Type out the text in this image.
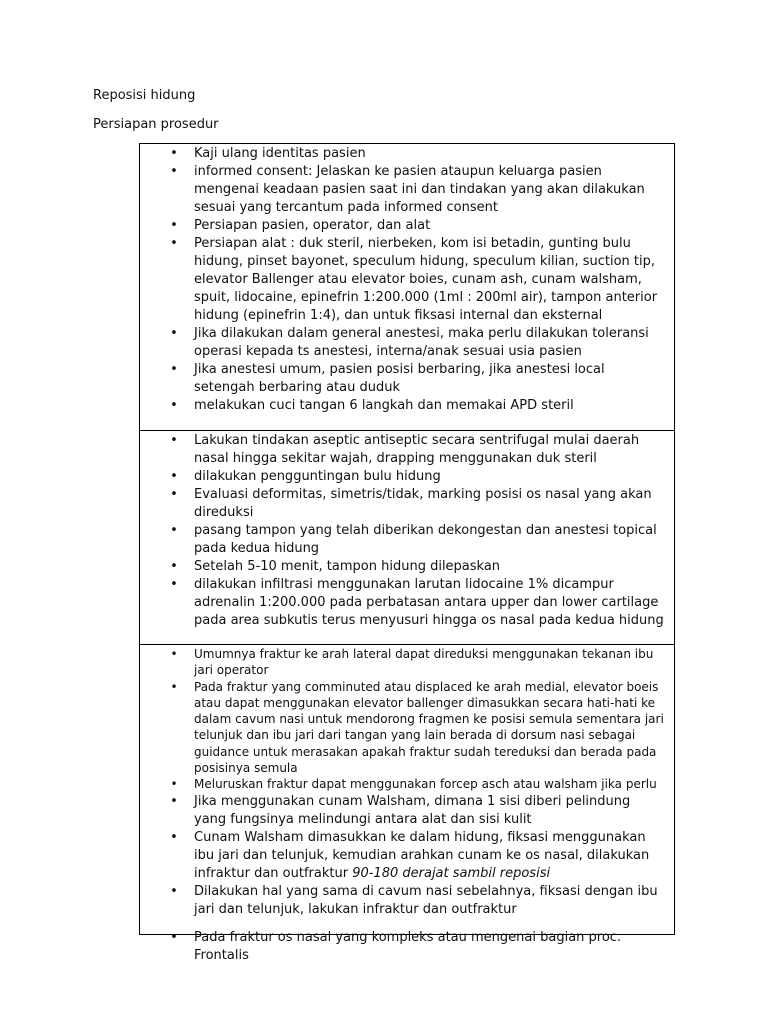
Reposisi hidung
Persiapan prosedur
• Kaji ulang identitas pasien
• informed consent: Jelaskan ke pasien ataupun keluarga pasien mengenai keadaan pasien saat ini dan tindakan yang akan dilakukan sesuai yang tercantum pada informed consent
• Persiapan pasien, operator, dan alat
• Persiapan alat : duk steril, nierbeken, kom isi betadin, gunting bulu hidung, pinset bayonet, speculum hidung, speculum kilian, suction tip, elevator Ballenger atau elevator boies, cunam ash, cunam walsham, spuit, lidocaine, epinefrin 1:200.000 (1ml : 200ml air), tampon anterior hidung (epinefrin 1:4), dan untuk fiksasi internal dan eksternal
• Jika dilakukan dalam general anestesi, maka perlu dilakukan toleransi operasi kepada ts anestesi, interna/anak sesuai usia pasien
• Jika anestesi umum, pasien posisi berbaring, jika anestesi local setengah berbaring atau duduk
• melakukan cuci tangan 6 langkah dan memakai APD steril
• Lakukan tindakan aseptic antiseptic secara sentrifugal mulai daerah nasal hingga sekitar wajah, drapping menggunakan duk steril
• dilakukan pengguntingan bulu hidung
• Evaluasi deformitas, simetris/tidak, marking posisi os nasal yang akan direduksi
• pasang tampon yang telah diberikan dekongestan dan anestesi topical pada kedua hidung
• Setelah 5-10 menit, tampon hidung dilepaskan
• dilakukan infiltrasi menggunakan larutan lidocaine 1% dicampur adrenalin 1:200.000 pada perbatasan antara upper dan lower cartilage pada area subkutis terus menyusuri hingga os nasal pada kedua hidung
• Umumnya fraktur ke arah lateral dapat direduksi menggunakan tekanan ibu jari operator
• Pada fraktur yang comminuted atau displaced ke arah medial, elevator boeis atau dapat menggunakan elevator ballenger dimasukkan secara hati-hati ke dalam cavum nasi untuk mendorong fragmen ke posisi semula sementara jari telunjuk dan ibu jari dari tangan yang lain berada di dorsum nasi sebagai guidance untuk merasakan apakah fraktur sudah tereduksi dan berada pada posisinya semula
• Meluruskan fraktur dapat menggunakan forcep asch atau walsham jika perlu
• Jika menggunakan cunam Walsham, dimana 1 sisi diberi pelindung yang fungsinya melindungi antara alat dan sisi kulit
• Cunam Walsham dimasukkan ke dalam hidung, fiksasi menggunakan ibu jari dan telunjuk, kemudian arahkan cunam ke os nasal, dilakukan infraktur dan outfraktur 90-180 derajat sambil reposisi
• Dilakukan hal yang sama di cavum nasi sebelahnya, fiksasi dengan ibu jari dan telunjuk, lakukan infraktur dan outfraktur
• Pada fraktur os nasal yang kompleks atau mengenai bagian proc. Frontalis
